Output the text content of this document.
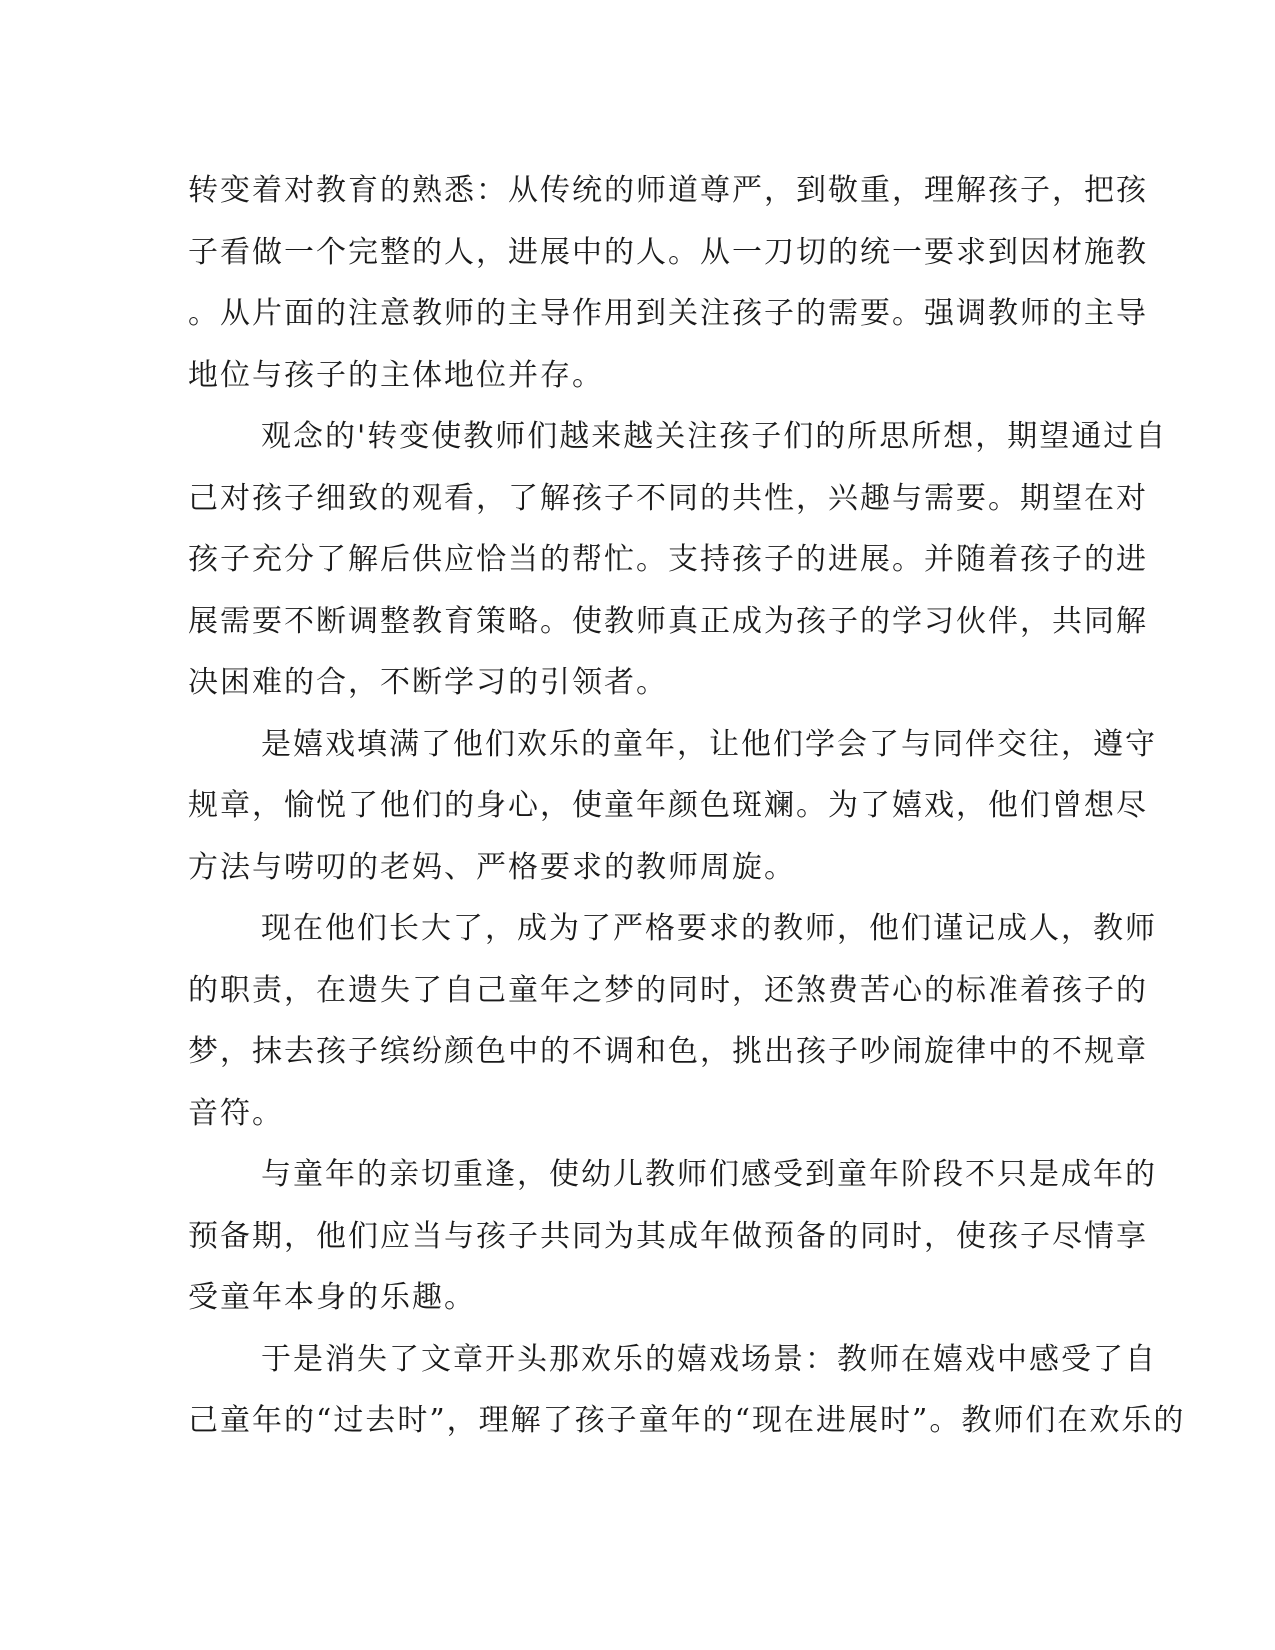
转变着对教育的熟悉：从传统的师道尊严，到敬重，理解孩子，把孩
子看做一个完整的人，进展中的人。从一刀切的统一要求到因材施教
。从片面的注意教师的主导作用到关注孩子的需要。强调教师的主导
地位与孩子的主体地位并存。
观念的'转变使教师们越来越关注孩子们的所思所想，期望通过自
己对孩子细致的观看，了解孩子不同的共性，兴趣与需要。期望在对
孩子充分了解后供应恰当的帮忙。支持孩子的进展。并随着孩子的进
展需要不断调整教育策略。使教师真正成为孩子的学习伙伴，共同解
决困难的合，不断学习的引领者。
是嬉戏填满了他们欢乐的童年，让他们学会了与同伴交往，遵守
规章，愉悦了他们的身心，使童年颜色斑斓。为了嬉戏，他们曾想尽
方法与唠叨的老妈、严格要求的教师周旋。
现在他们长大了，成为了严格要求的教师，他们谨记成人，教师
的职责，在遗失了自己童年之梦的同时，还煞费苦心的标准着孩子的
梦，抹去孩子缤纷颜色中的不调和色，挑出孩子吵闹旋律中的不规章
音符。
与童年的亲切重逢，使幼儿教师们感受到童年阶段不只是成年的
预备期，他们应当与孩子共同为其成年做预备的同时，使孩子尽情享
受童年本身的乐趣。
于是消失了文章开头那欢乐的嬉戏场景：教师在嬉戏中感受了自
己童年的“过去时”，理解了孩子童年的“现在进展时”。教师们在欢乐的
